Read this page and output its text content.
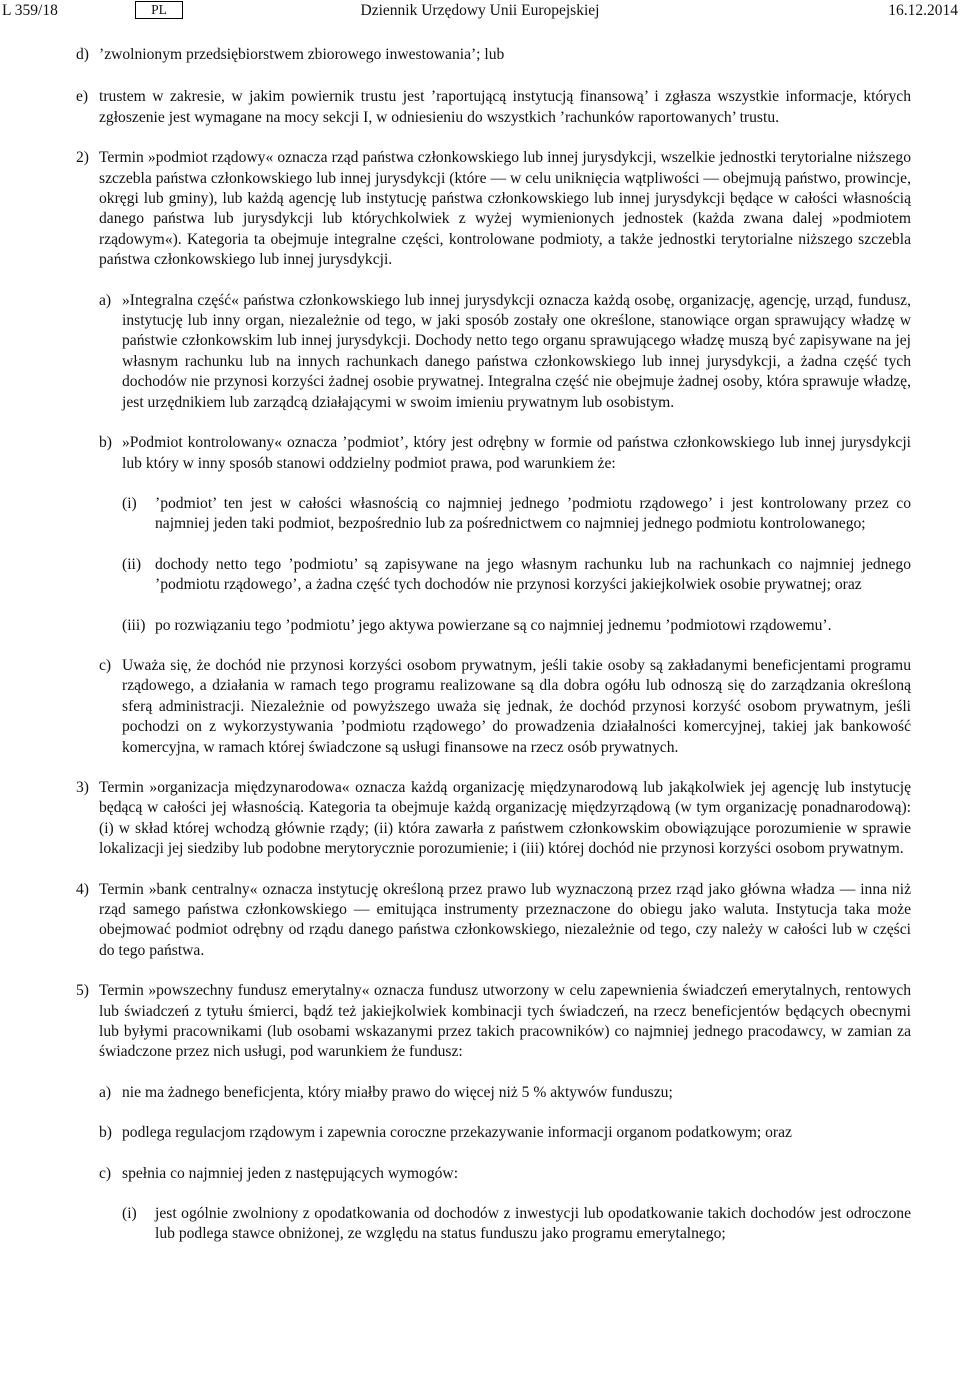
L 359/18	PL	Dziennik Urzędowy Unii Europejskiej	16.12.2014
d) ’zwolnionym przedsiębiorstwem zbiorowego inwestowania’; lub
e) trustem w zakresie, w jakim powiernik trustu jest ’raportującą instytucją finansową’ i zgłasza wszystkie informacje, których zgłoszenie jest wymagane na mocy sekcji I, w odniesieniu do wszystkich ’rachunków raportowanych’ trustu.
2) Termin »podmiot rządowy« oznacza rząd państwa członkowskiego lub innej jurysdykcji, wszelkie jednostki terytorialne niższego szczebla państwa członkowskiego lub innej jurysdykcji (które — w celu uniknięcia wątpliwości — obejmują państwo, prowincje, okręgi lub gminy), lub każdą agencję lub instytucję państwa członkowskiego lub innej jurysdykcji będące w całości własnością danego państwa lub jurysdykcji lub którychkolwiek z wyżej wymienionych jednostek (każda zwana dalej »podmiotem rządowym«). Kategoria ta obejmuje integralne części, kontrolowane podmioty, a także jednostki terytorialne niższego szczebla państwa członkowskiego lub innej jurysdykcji.
a) »Integralna część« państwa członkowskiego lub innej jurysdykcji oznacza każdą osobę, organizację, agencję, urząd, fundusz, instytucję lub inny organ, niezależnie od tego, w jaki sposób zostały one określone, stanowiące organ sprawujący władzę w państwie członkowskim lub innej jurysdykcji. Dochody netto tego organu sprawującego władzę muszą być zapisywane na jej własnym rachunku lub na innych rachunkach danego państwa członkowskiego lub innej jurysdykcji, a żadna część tych dochodów nie przynosi korzyści żadnej osobie prywatnej. Integralna część nie obejmuje żadnej osoby, która sprawuje władzę, jest urzędnikiem lub zarządcą działającymi w swoim imieniu prywatnym lub osobistym.
b) »Podmiot kontrolowany« oznacza ’podmiot’, który jest odrębny w formie od państwa członkowskiego lub innej jurysdykcji lub który w inny sposób stanowi oddzielny podmiot prawa, pod warunkiem że:
(i)	’podmiot’ ten jest w całości własnością co najmniej jednego ’podmiotu rządowego’ i jest kontrolowany przez co najmniej jeden taki podmiot, bezpośrednio lub za pośrednictwem co najmniej jednego podmiotu kontrolowanego;
(ii) dochody netto tego ’podmiotu’ są zapisywane na jego własnym rachunku lub na rachunkach co najmniej jednego ’podmiotu rządowego’, a żadna część tych dochodów nie przynosi korzyści jakiejkolwiek osobie prywatnej; oraz
(iii) po rozwiązaniu tego ’podmiotu’ jego aktywa powierzane są co najmniej jednemu ’podmiotowi rządowemu’.
c) Uważa się, że dochód nie przynosi korzyści osobom prywatnym, jeśli takie osoby są zakładanymi beneficjentami programu rządowego, a działania w ramach tego programu realizowane są dla dobra ogółu lub odnoszą się do zarządzania określoną sferą administracji. Niezależnie od powyższego uważa się jednak, że dochód przynosi korzyść osobom prywatnym, jeśli pochodzi on z wykorzystywania ’podmiotu rządowego’ do prowadzenia działalności komercyjnej, takiej jak bankowość komercyjna, w ramach której świadczone są usługi finansowe na rzecz osób prywatnych.
3) Termin »organizacja międzynarodowa« oznacza każdą organizację międzynarodową lub jakąkolwiek jej agencję lub instytucję będącą w całości jej własnością. Kategoria ta obejmuje każdą organizację międzyrządową (w tym organizację ponadnarodową): (i) w skład której wchodzą głównie rządy; (ii) która zawarła z państwem członkowskim obowiązujące porozumienie w sprawie lokalizacji jej siedziby lub podobne merytorycznie porozumienie; i (iii) której dochód nie przynosi korzyści osobom prywatnym.
4) Termin »bank centralny« oznacza instytucję określoną przez prawo lub wyznaczoną przez rząd jako główna władza — inna niż rząd samego państwa członkowskiego — emitująca instrumenty przeznaczone do obiegu jako waluta. Instytucja taka może obejmować podmiot odrębny od rządu danego państwa członkowskiego, niezależnie od tego, czy należy w całości lub w części do tego państwa.
5) Termin »powszechny fundusz emerytalny« oznacza fundusz utworzony w celu zapewnienia świadczeń emerytalnych, rentowych lub świadczeń z tytułu śmierci, bądź też jakiejkolwiek kombinacji tych świadczeń, na rzecz beneficjentów będących obecnymi lub byłymi pracownikami (lub osobami wskazanymi przez takich pracowników) co najmniej jednego pracodawcy, w zamian za świadczone przez nich usługi, pod warunkiem że fundusz:
a) nie ma żadnego beneficjenta, który miałby prawo do więcej niż 5 % aktywów funduszu;
b) podlega regulacjom rządowym i zapewnia coroczne przekazywanie informacji organom podatkowym; oraz
c) spełnia co najmniej jeden z następujących wymogów:
(i)	jest ogólnie zwolniony z opodatkowania od dochodów z inwestycji lub opodatkowanie takich dochodów jest odroczone lub podlega stawce obniżonej, ze względu na status funduszu jako programu emerytalnego;
